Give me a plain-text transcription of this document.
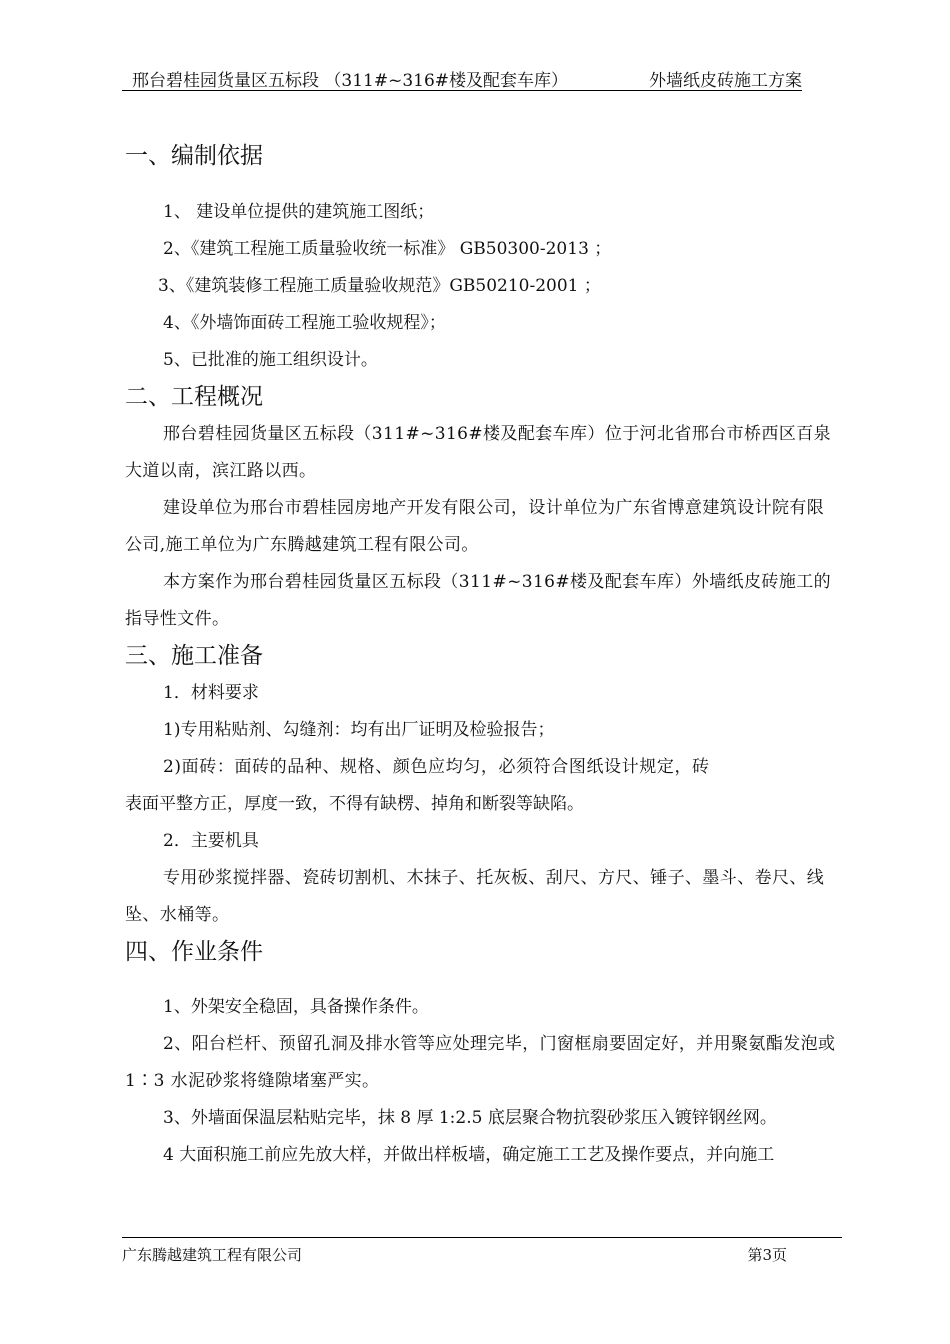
邢台碧桂园货量区五标段 （311#~316#楼及配套车库）	外墙纸皮砖施工方案
一、编制依据
1、 建设单位提供的建筑施工图纸；
2、《建筑工程施工质量验收统一标准》 GB50300-2013 ；
3、《建筑装修工程施工质量验收规范》GB50210-2001 ；
4、《外墙饰面砖工程施工验收规程》；
5、已批准的施工组织设计。
二、工程概况
邢台碧桂园货量区五标段（311#~316#楼及配套车库）位于河北省邢台市桥西区百泉大道以南，滨江路以西。
建设单位为邢台市碧桂园房地产开发有限公司，设计单位为广东省博意建筑设计院有限公司,施工单位为广东腾越建筑工程有限公司。
本方案作为邢台碧桂园货量区五标段（311#~316#楼及配套车库）外墙纸皮砖施工的指导性文件。
三、施工准备
1．材料要求
1)专用粘贴剂、勾缝剂：均有出厂证明及检验报告；
2)面砖：面砖的品种、规格、颜色应均匀，必须符合图纸设计规定，砖
表面平整方正，厚度一致，不得有缺楞、掉角和断裂等缺陷。
2．主要机具
专用砂浆搅拌器、瓷砖切割机、木抹子、托灰板、刮尺、方尺、锤子、墨斗、卷尺、线坠、水桶等。
四、作业条件
1、外架安全稳固，具备操作条件。
2、阳台栏杆、预留孔洞及排水管等应处理完毕，门窗框扇要固定好，并用聚氨酯发泡或 1∶3 水泥砂浆将缝隙堵塞严实。
3、外墙面保温层粘贴完毕，抹 8 厚 1:2.5 底层聚合物抗裂砂浆压入镀锌钢丝网。
4 大面积施工前应先放大样，并做出样板墙，确定施工工艺及操作要点，并向施工
广东腾越建筑工程有限公司	第3页
